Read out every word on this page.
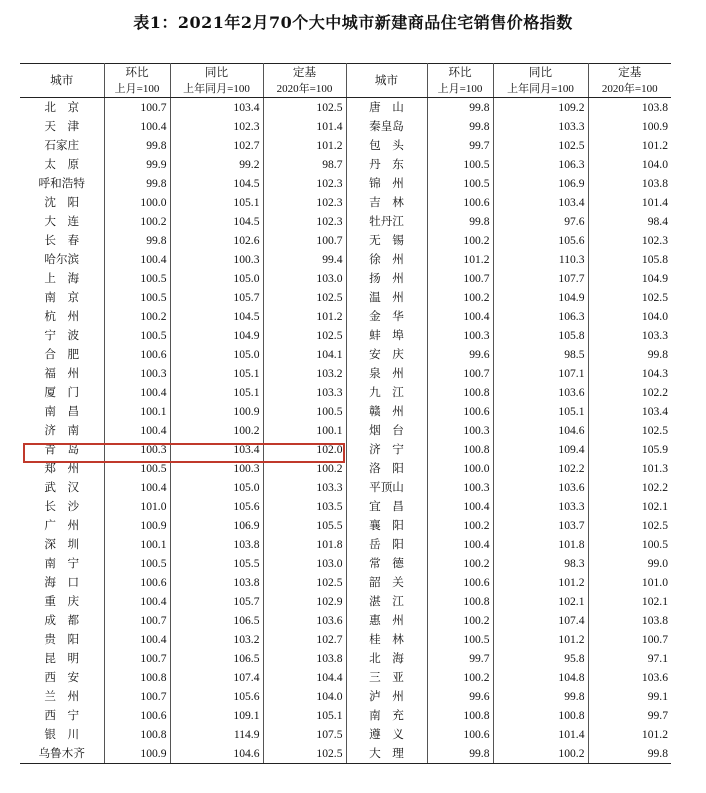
表1：2021年2月70个大中城市新建商品住宅销售价格指数
城市	环比	同比	定基	城市	环比	同比	定基
	上月=100	上年同月=100	2020年=100		上月=100	上年同月=100	2020年=100
北　京	100.7	103.4	102.5	唐　山	99.8	109.2	103.8
天　津	100.4	102.3	101.4	秦皇岛	99.8	103.3	100.9
石家庄	99.8	102.7	101.2	包　头	99.7	102.5	101.2
太　原	99.9	99.2	98.7	丹　东	100.5	106.3	104.0
呼和浩特	99.8	104.5	102.3	锦　州	100.5	106.9	103.8
沈　阳	100.0	105.1	102.3	吉　林	100.6	103.4	101.4
大　连	100.2	104.5	102.3	牡丹江	99.8	97.6	98.4
长　春	99.8	102.6	100.7	无　锡	100.2	105.6	102.3
哈尔滨	100.4	100.3	99.4	徐　州	101.2	110.3	105.8
上　海	100.5	105.0	103.0	扬　州	100.7	107.7	104.9
南　京	100.5	105.7	102.5	温　州	100.2	104.9	102.5
杭　州	100.2	104.5	101.2	金　华	100.4	106.3	104.0
宁　波	100.5	104.9	102.5	蚌　埠	100.3	105.8	103.3
合　肥	100.6	105.0	104.1	安　庆	99.6	98.5	99.8
福　州	100.3	105.1	103.2	泉　州	100.7	107.1	104.3
厦　门	100.4	105.1	103.3	九　江	100.8	103.6	102.2
南　昌	100.1	100.9	100.5	赣　州	100.6	105.1	103.4
济　南	100.4	100.2	100.1	烟　台	100.3	104.6	102.5
青　岛	100.3	103.4	102.0	济　宁	100.8	109.4	105.9
郑　州	100.5	100.3	100.2	洛　阳	100.0	102.2	101.3
武　汉	100.4	105.0	103.3	平顶山	100.3	103.6	102.2
长　沙	101.0	105.6	103.5	宜　昌	100.4	103.3	102.1
广　州	100.9	106.9	105.5	襄　阳	100.2	103.7	102.5
深　圳	100.1	103.8	101.8	岳　阳	100.4	101.8	100.5
南　宁	100.5	105.5	103.0	常　德	100.2	98.3	99.0
海　口	100.6	103.8	102.5	韶　关	100.6	101.2	101.0
重　庆	100.4	105.7	102.9	湛　江	100.8	102.1	102.1
成　都	100.7	106.5	103.6	惠　州	100.2	107.4	103.8
贵　阳	100.4	103.2	102.7	桂　林	100.5	101.2	100.7
昆　明	100.7	106.5	103.8	北　海	99.7	95.8	97.1
西　安	100.8	107.4	104.4	三　亚	100.2	104.8	103.6
兰　州	100.7	105.6	104.0	泸　州	99.6	99.8	99.1
西　宁	100.6	109.1	105.1	南　充	100.8	100.8	99.7
银　川	100.8	114.9	107.5	遵　义	100.6	101.4	101.2
乌鲁木齐	100.9	104.6	102.5	大　理	99.8	100.2	99.8
